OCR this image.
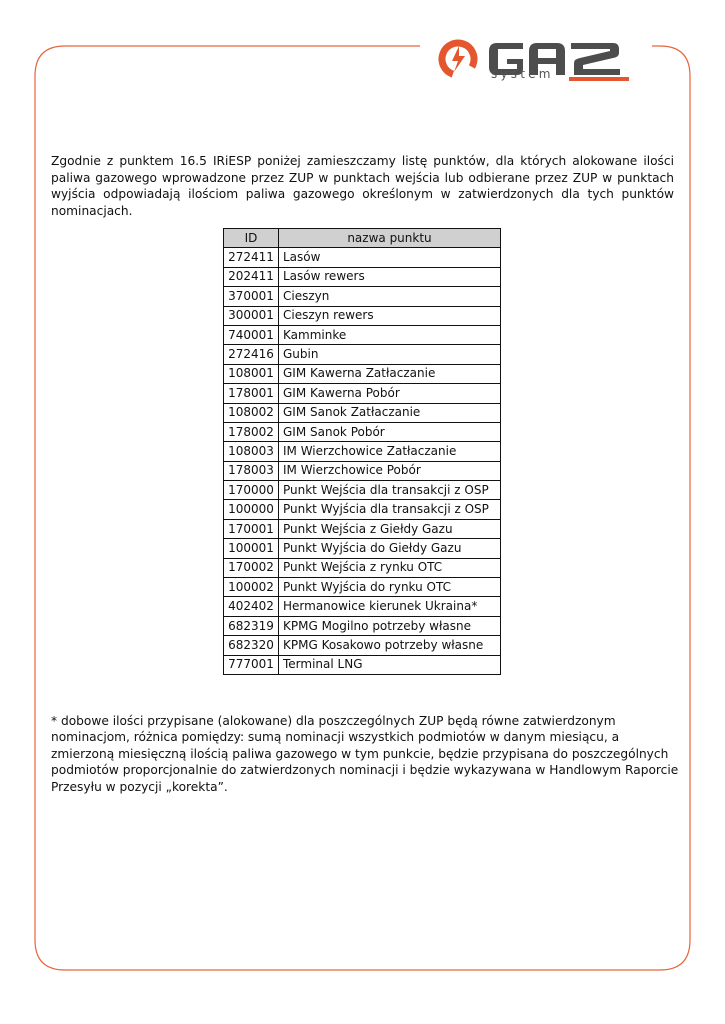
system

Zgodnie z punktem 16.5 IRiESP poniżej zamieszczamy listę punktów, dla których alokowane ilości paliwa gazowego wprowadzone przez ZUP w punktach wejścia lub odbierane przez ZUP w punktach wyjścia odpowiadają ilościom paliwa gazowego określonym w zatwierdzonych dla tych punktów nominacjach.

ID	nazwa punktu
272411	Lasów
202411	Lasów rewers
370001	Cieszyn
300001	Cieszyn rewers
740001	Kamminke
272416	Gubin
108001	GIM Kawerna Zatłaczanie
178001	GIM Kawerna Pobór
108002	GIM Sanok Zatłaczanie
178002	GIM Sanok Pobór
108003	IM Wierzchowice Zatłaczanie
178003	IM Wierzchowice Pobór
170000	Punkt Wejścia dla transakcji z OSP
100000	Punkt Wyjścia dla transakcji z OSP
170001	Punkt Wejścia z Giełdy Gazu
100001	Punkt Wyjścia do Giełdy Gazu
170002	Punkt Wejścia z rynku OTC
100002	Punkt Wyjścia do rynku OTC
402402	Hermanowice kierunek Ukraina*
682319	KPMG Mogilno potrzeby własne
682320	KPMG Kosakowo potrzeby własne
777001	Terminal LNG

* dobowe ilości przypisane (alokowane) dla poszczególnych ZUP będą równe zatwierdzonym nominacjom, różnica pomiędzy: sumą nominacji wszystkich podmiotów w danym miesiącu, a zmierzoną miesięczną ilością paliwa gazowego w tym punkcie, będzie przypisana do poszczególnych podmiotów proporcjonalnie do zatwierdzonych nominacji i będzie wykazywana w Handlowym Raporcie Przesyłu w pozycji „korekta”.
